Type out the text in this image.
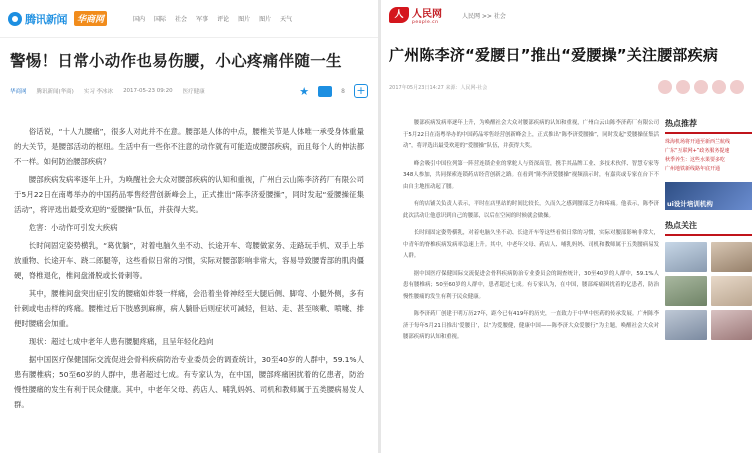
腾讯新闻	华商网	国内 国际 社会 军事 评论 图片 图片 天气
警惕！日常小动作也易伤腰，小心疼痛伴随一生
华商网 腾讯新闻(华商) 实习 李冰冰 2017-05-23 09:20 医疗健康	★	8 +

俗话说，“十人九腰痛”，很多人对此并不在意。腰部是人体的中点，腰椎关节是人体唯一承受身体重量的大关节，是腰部活动的枢纽。生活中有一些你不注意的动作就有可能造成腰部疾病，而且每个人的伸法都不一样。如何防治腰部疾病？

腰部疾病发病率逐年上升，为唤醒社会大众对腰部疾病的认知和重视，广州白云山陈李济药厂有限公司于5月22日在南粤举办的中国药品零售经营创新峰会上，正式推出“陈李济爱腰操”，同时发起“爱腰操征集活动”，将评选出最受欢迎的“爱腰操”队伍，并获得大奖。

危害：小动作可引发大疾病

长时间固定姿势横乳，“葛优躺”，对着电脑久坐不动、长途开车、弯腰做家务、走路玩手机、双手上举放重物、长途开车、跷二郎腿等，这些看似日常的习惯，实际对腰部影响非常大，容易导致腰背部的肌肉僵硬，脊椎退化，椎间盘滑脱或长骨刺等。

其中，腰椎间盘突出症引发的腰痛如炸裂一样痛，会沿着坐骨神经至大腿后侧、脚弯、小腿外侧，多有针刺或电击样的疼痛。腰椎过后下肢感到麻痹，病人躺卧后则症状可减轻，但站、走、甚至咳嗽、喷嚏、排便时腰痛会加重。

现状：超过七成中老年人患有腰腿疼痛，且呈年轻化趋向

据中国医疗保健国际交流促进会骨科疾病防治专业委员会的调查统计，30至40岁的人群中，59.1%人患有腰椎病；50至60岁的人群中，患者超过七成。有专家认为，在中国，腰部疼痛困扰着的亿患者，防治慢性腰痛的发生有利于民众健康。其中，中老年父母、药店人、哺乳妈妈、司机和教师属于五类腰病易发人群。

人 人民网
people.cn
人民网 >> 社会
广州陈李济“爱腰日”推出“爱腰操”关注腰部疾病
2017年05月23日14:27 来源：人民网-社会

腰部疾病发病率逐年上升，为唤醒社会大众对腰部疾病的认知和重视，广州白云山陈李济药厂有限公司于5月22日在南粤举办的中国药品零售经营创新峰会上，正式推出“陈李济爱腰操”，同时发起“爱腰操征集活动”，将评选出最受欢迎的“爱腰操”队伍，并获得大奖。

峰会吸引中国位列第一阵营连锁企业的掌舵人与资深高管，携手其品牌工业、多技术伙伴、智慧专家等348人参加，共同探索连锁药店经营创新之路。在看到“陈李济爱腰操”视频演示时，有嘉宾或专家在台下不由自主地扭动起了腰。

有的店铺关负责人表示，平时在店里站的时间比较长，久而久之感到腰部乏力和疼痛。他表示，陈李济此次活动让他意识到自己的腰部，以后在空闲的时候就会做操。

长时间固定姿势横乳，对着电脑久坐不动、长途开车等这些看似日常的习惯，实际对腰部影响非常大，中青年的脊椎疾病发病率急速上升。其中，中老年父母、药店人、哺乳妈妈、司机和教师属于五类腰病易发人群。

据中国医疗保健国际交流促进会骨科疾病防治专业委员会的调查统计，30至40岁的人群中，59.1%人患有腰椎病；50至60岁的人群中，患者超过七成。有专家认为，在中国，腰部疼痛困扰着的亿患者，防治慢性腰痛的发生有利于民众健康。

陈李济药厂创建于明万历27年，距今已有419年的历史，一直致力于中华中医药的传承发展。广州陈李济于每年5月21日推出‘爱腰日’，以“为爱腰健，健康中国——陈李济大众爱腰行”为主题，唤醒社会大众对腰部疾病的认知和重视。

热点推荐
珠海机场将开通至新西兰航线
广东“互联网+”政务服务提速
秋季养生：这些水果要多吃
广州地铁新线路年底开通
ui设计培训机构
热点关注
